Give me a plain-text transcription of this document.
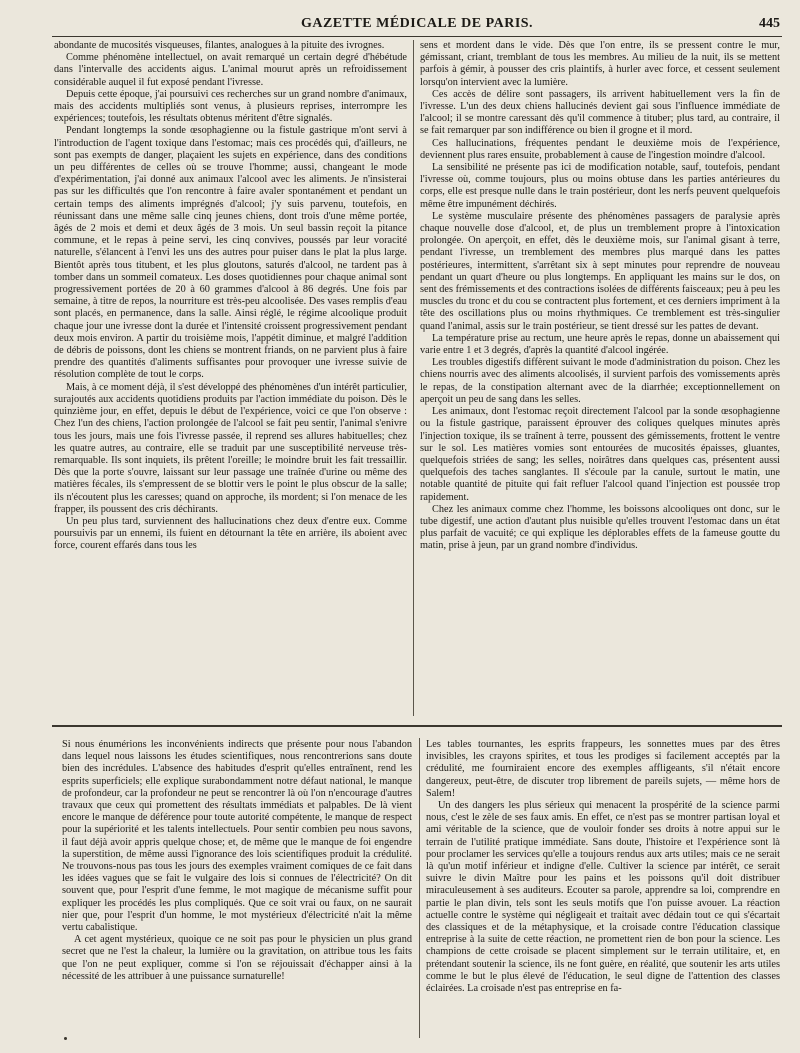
GAZETTE MÉDICALE DE PARIS.	445

abondante de mucosités visqueuses, filantes, analogues à la pituite des ivrognes.

Comme phénomène intellectuel, on avait remarqué un certain degré d'hébétude dans l'intervalle des accidents aigus. L'animal mourut après un refroidissement considérable auquel il fut exposé pendant l'ivresse.

Depuis cette époque, j'ai poursuivi ces recherches sur un grand nombre d'animaux, mais des accidents multipliés sont venus, à plusieurs reprises, interrompre les expériences; toutefois, les résultats obtenus méritent d'être signalés.

Pendant longtemps la sonde œsophagienne ou la fistule gastrique m'ont servi à l'introduction de l'agent toxique dans l'estomac; mais ces procédés qui, d'ailleurs, ne sont pas exempts de danger, plaçaient les sujets en expérience, dans des conditions un peu différentes de celles où se trouve l'homme; aussi, changeant le mode d'expérimentation, j'ai donné aux animaux l'alcool avec les aliments. Je n'insisterai pas sur les difficultés que l'on rencontre à faire avaler spontanément et pendant un certain temps des aliments imprégnés d'alcool; j'y suis parvenu, toutefois, en réunissant dans une même salle cinq jeunes chiens, dont trois d'une même portée, âgés de 2 mois et demi et deux âgés de 3 mois. Un seul bassin reçoit la pitance commune, et le repas à peine servi, les cinq convives, poussés par leur voracité naturelle, s'élancent à l'envi les uns des autres pour puiser dans le plat la plus large. Bientôt après tous titubent, et les plus gloutons, saturés d'alcool, ne tardent pas à tomber dans un sommeil comateux. Les doses quotidiennes pour chaque animal sont progressivement portées de 20 à 60 grammes d'alcool à 86 degrés. Une fois par semaine, à titre de repos, la nourriture est très-peu alcoolisée. Des vases remplis d'eau sont placés, en permanence, dans la salle. Ainsi réglé, le régime alcoolique produit chaque jour une ivresse dont la durée et l'intensité croissent progressivement pendant deux mois environ. A partir du troisième mois, l'appétit diminue, et malgré l'addition de débris de poissons, dont les chiens se montrent friands, on ne parvient plus à faire prendre des quantités d'aliments suffisantes pour provoquer une ivresse suivie de résolution complète de tout le corps.

Mais, à ce moment déjà, il s'est développé des phénomènes d'un intérêt particulier, surajoutés aux accidents quotidiens produits par l'action immédiate du poison. Dès le quinzième jour, en effet, depuis le début de l'expérience, voici ce que l'on observe : Chez l'un des chiens, l'action prolongée de l'alcool se fait peu sentir, l'animal s'enivre tous les jours, mais une fois l'ivresse passée, il reprend ses allures habituelles; chez les quatre autres, au contraire, elle se traduit par une susceptibilité nerveuse très-remarquable. Ils sont inquiets, ils prêtent l'oreille; le moindre bruit les fait tressaillir. Dès que la porte s'ouvre, laissant sur leur passage une traînée d'urine ou même des matières fécales, ils s'empressent de se blottir vers le point le plus obscur de la salle; ils n'écoutent plus les caresses; quand on approche, ils mordent; si l'on menace de les frapper, ils poussent des cris déchirants.

Un peu plus tard, surviennent des hallucinations chez deux d'entre eux. Comme poursuivis par un ennemi, ils fuient en détournant la tête en arrière, ils aboient avec force, courent effarés dans tous les

sens et mordent dans le vide. Dès que l'on entre, ils se pressent contre le mur, gémissant, criant, tremblant de tous les membres. Au milieu de la nuit, ils se mettent parfois à gémir, à pousser des cris plaintifs, à hurler avec force, et cessent seulement lorsqu'on intervient avec la lumière.

Ces accès de délire sont passagers, ils arrivent habituellement vers la fin de l'ivresse. L'un des deux chiens hallucinés devient gai sous l'influence immédiate de l'alcool; il se montre caressant dès qu'il commence à tituber; plus tard, au contraire, il se fait remarquer par son indifférence ou bien il grogne et il mord.

Ces hallucinations, fréquentes pendant le deuxième mois de l'expérience, deviennent plus rares ensuite, probablement à cause de l'ingestion moindre d'alcool.

La sensibilité ne présente pas ici de modification notable, sauf, toutefois, pendant l'ivresse où, comme toujours, plus ou moins obtuse dans les parties antérieures du corps, elle est presque nulle dans le train postérieur, dont les nerfs peuvent quelquefois même être impunément déchirés.

Le système musculaire présente des phénomènes passagers de paralysie après chaque nouvelle dose d'alcool, et, de plus un tremblement propre à l'intoxication prolongée. On aperçoit, en effet, dès le deuxième mois, sur l'animal gisant à terre, pendant l'ivresse, un tremblement des membres plus marqué dans les pattes postérieures, intermittent, s'arrêtant six à sept minutes pour reprendre de nouveau pendant un quart d'heure ou plus longtemps. En appliquant les mains sur le dos, on sent des frémissements et des contractions isolées de différents faisceaux; peu à peu les muscles du tronc et du cou se contractent plus fortement, et ces derniers impriment à la tête des oscillations plus ou moins rhythmiques. Ce tremblement est très-singulier quand l'animal, assis sur le train postérieur, se tient dressé sur les pattes de devant.

La température prise au rectum, une heure après le repas, donne un abaissement qui varie entre 1 et 3 degrés, d'après la quantité d'alcool ingérée.

Les troubles digestifs diffèrent suivant le mode d'administration du poison. Chez les chiens nourris avec des aliments alcoolisés, il survient parfois des vomissements après le repas, de la constipation alternant avec de la diarrhée; exceptionnellement on aperçoit un peu de sang dans les selles.

Les animaux, dont l'estomac reçoit directement l'alcool par la sonde œsophagienne ou la fistule gastrique, paraissent éprouver des coliques quelques minutes après l'injection toxique, ils se traînent à terre, poussent des gémissements, frottent le ventre sur le sol. Les matières vomies sont entourées de mucosités épaisses, gluantes, quelquefois striées de sang; les selles, noirâtres dans quelques cas, présentent aussi quelquefois des taches sanglantes. Il s'écoule par la canule, surtout le matin, une notable quantité de pituite qui fait refluer l'alcool quand l'injection est poussée trop rapidement.

Chez les animaux comme chez l'homme, les boissons alcooliques ont donc, sur le tube digestif, une action d'autant plus nuisible qu'elles trouvent l'estomac dans un état plus parfait de vacuité; ce qui explique les déplorables effets de la fameuse goutte du matin, prise à jeun, par un grand nombre d'individus.

Si nous énumérions les inconvénients indirects que présente pour nous l'abandon dans lequel nous laissons les études scientifiques, nous rencontrerions sans doute bien des incrédules. L'absence des habitudes d'esprit qu'elles entraînent, rend les esprits superficiels; elle explique surabondamment notre défaut national, le manque de profondeur, car la profondeur ne peut se rencontrer là où l'on n'encourage d'autres travaux que ceux qui promettent des résultats immédiats et palpables. De là vient encore le manque de déférence pour toute autorité compétente, le manque de respect pour la supériorité et les talents intellectuels. Pour sentir combien peu nous savons, il faut déjà avoir appris quelque chose; et, de même que le manque de foi engendre la superstition, de même aussi l'ignorance des lois scientifiques produit la crédulité. Ne trouvons-nous pas tous les jours des exemples vraiment comiques de ce fait dans les idées vagues que se fait le vulgaire des lois si connues de l'électricité? On dit souvent que, pour l'esprit d'une femme, le mot magique de mécanisme suffit pour expliquer les procédés les plus compliqués. Que ce soit vrai ou faux, on ne saurait nier que, pour l'esprit d'un homme, le mot mystérieux d'électricité n'ait la même vertu cabalistique.

A cet agent mystérieux, quoique ce ne soit pas pour le physicien un plus grand secret que ne l'est la chaleur, la lumière ou la gravitation, on attribue tous les faits que l'on ne peut expliquer, comme si l'on se réjouissait d'échapper ainsi à la nécessité de les attribuer à une puissance surnaturelle!

Les tables tournantes, les esprits frappeurs, les sonnettes mues par des êtres invisibles, les crayons spirites, et tous les prodiges si facilement acceptés par la crédulité, me fourniraient encore des exemples affligeants, s'il n'était encore dangereux, peut-être, de discuter trop librement de pareils sujets, — même hors de Salem!

Un des dangers les plus sérieux qui menacent la prospérité de la science parmi nous, c'est le zèle de ses faux amis. En effet, ce n'est pas se montrer partisan loyal et ami véritable de la science, que de vouloir fonder ses droits à notre appui sur le terrain de l'utilité pratique immédiate. Sans doute, l'histoire et l'expérience sont là pour proclamer les services qu'elle a toujours rendus aux arts utiles; mais ce ne serait là qu'un motif inférieur et indigne d'elle. Cultiver la science par intérêt, ce serait suivre le divin Maître pour les pains et les poissons qu'il doit distribuer miraculeusement à ses auditeurs. Ecouter sa parole, apprendre sa loi, comprendre en partie le plan divin, tels sont les seuls motifs que l'on puisse avouer. La réaction actuelle contre le système qui négligeait et traitait avec dédain tout ce qui s'écartait des classiques et de la métaphysique, et la croisade contre l'éducation classique entreprise à la suite de cette réaction, ne promettent rien de bon pour la science. Les champions de cette croisade se placent simplement sur le terrain utilitaire, et, en prétendant soutenir la science, ils ne font guère, en réalité, que soutenir les arts utiles comme le but le plus élevé de l'éducation, le seul digne de l'attention des classes éclairées. La croisade n'est pas entreprise en fa-
